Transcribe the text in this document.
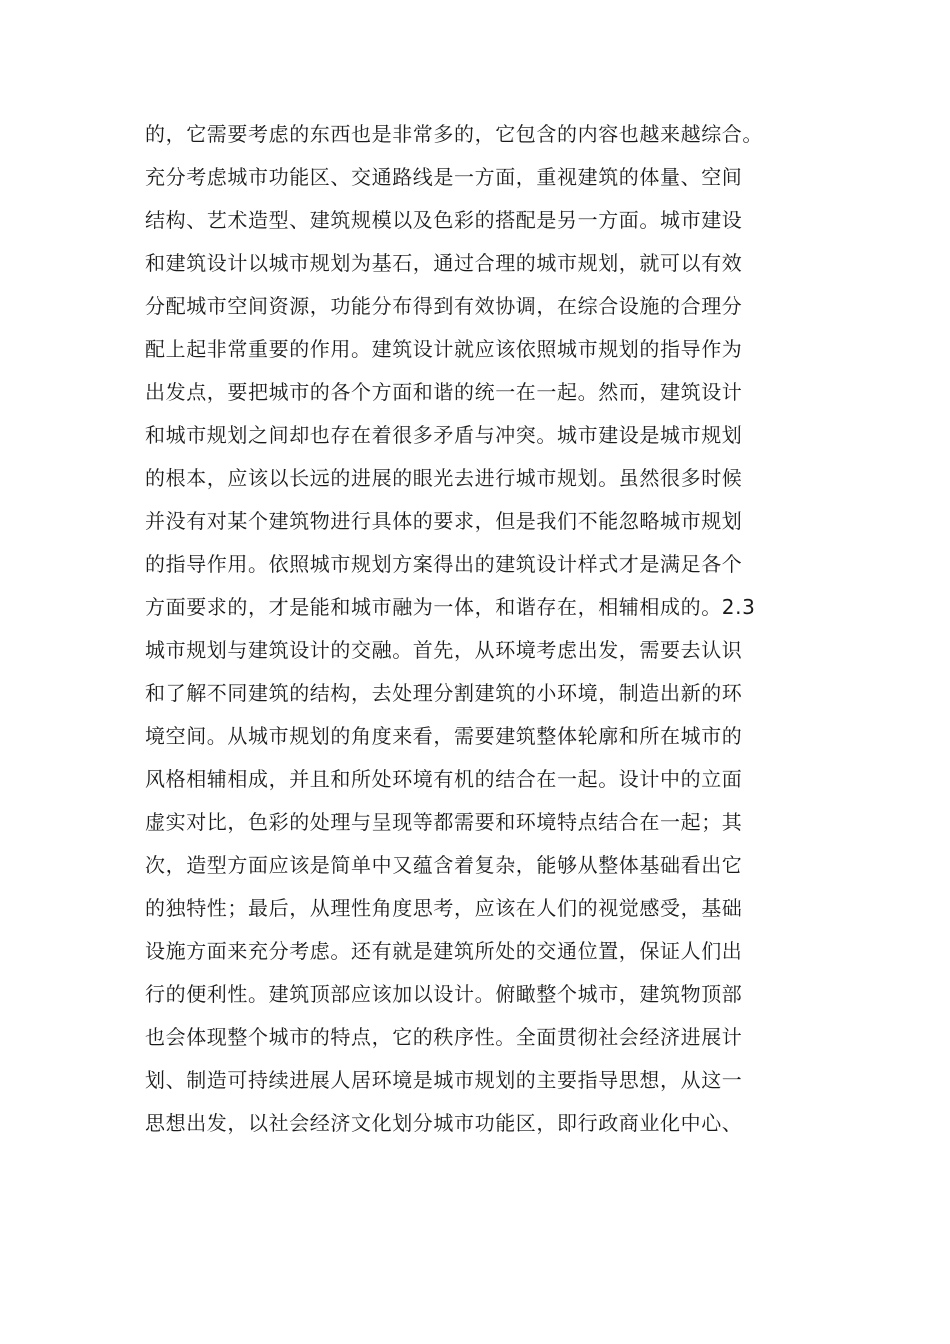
的，它需要考虑的东西也是非常多的，它包含的内容也越来越综合。
充分考虑城市功能区、交通路线是一方面，重视建筑的体量、空间
结构、艺术造型、建筑规模以及色彩的搭配是另一方面。城市建设
和建筑设计以城市规划为基石，通过合理的城市规划，就可以有效
分配城市空间资源，功能分布得到有效协调，在综合设施的合理分
配上起非常重要的作用。建筑设计就应该依照城市规划的指导作为
出发点，要把城市的各个方面和谐的统一在一起。然而，建筑设计
和城市规划之间却也存在着很多矛盾与冲突。城市建设是城市规划
的根本，应该以长远的进展的眼光去进行城市规划。虽然很多时候
并没有对某个建筑物进行具体的要求，但是我们不能忽略城市规划
的指导作用。依照城市规划方案得出的建筑设计样式才是满足各个
方面要求的，才是能和城市融为一体，和谐存在，相辅相成的。2.3
城市规划与建筑设计的交融。首先，从环境考虑出发，需要去认识
和了解不同建筑的结构，去处理分割建筑的小环境，制造出新的环
境空间。从城市规划的角度来看，需要建筑整体轮廓和所在城市的
风格相辅相成，并且和所处环境有机的结合在一起。设计中的立面
虚实对比，色彩的处理与呈现等都需要和环境特点结合在一起；其
次，造型方面应该是简单中又蕴含着复杂，能够从整体基础看出它
的独特性；最后，从理性角度思考，应该在人们的视觉感受，基础
设施方面来充分考虑。还有就是建筑所处的交通位置，保证人们出
行的便利性。建筑顶部应该加以设计。俯瞰整个城市，建筑物顶部
也会体现整个城市的特点，它的秩序性。全面贯彻社会经济进展计
划、制造可持续进展人居环境是城市规划的主要指导思想，从这一
思想出发，以社会经济文化划分城市功能区，即行政商业化中心、
